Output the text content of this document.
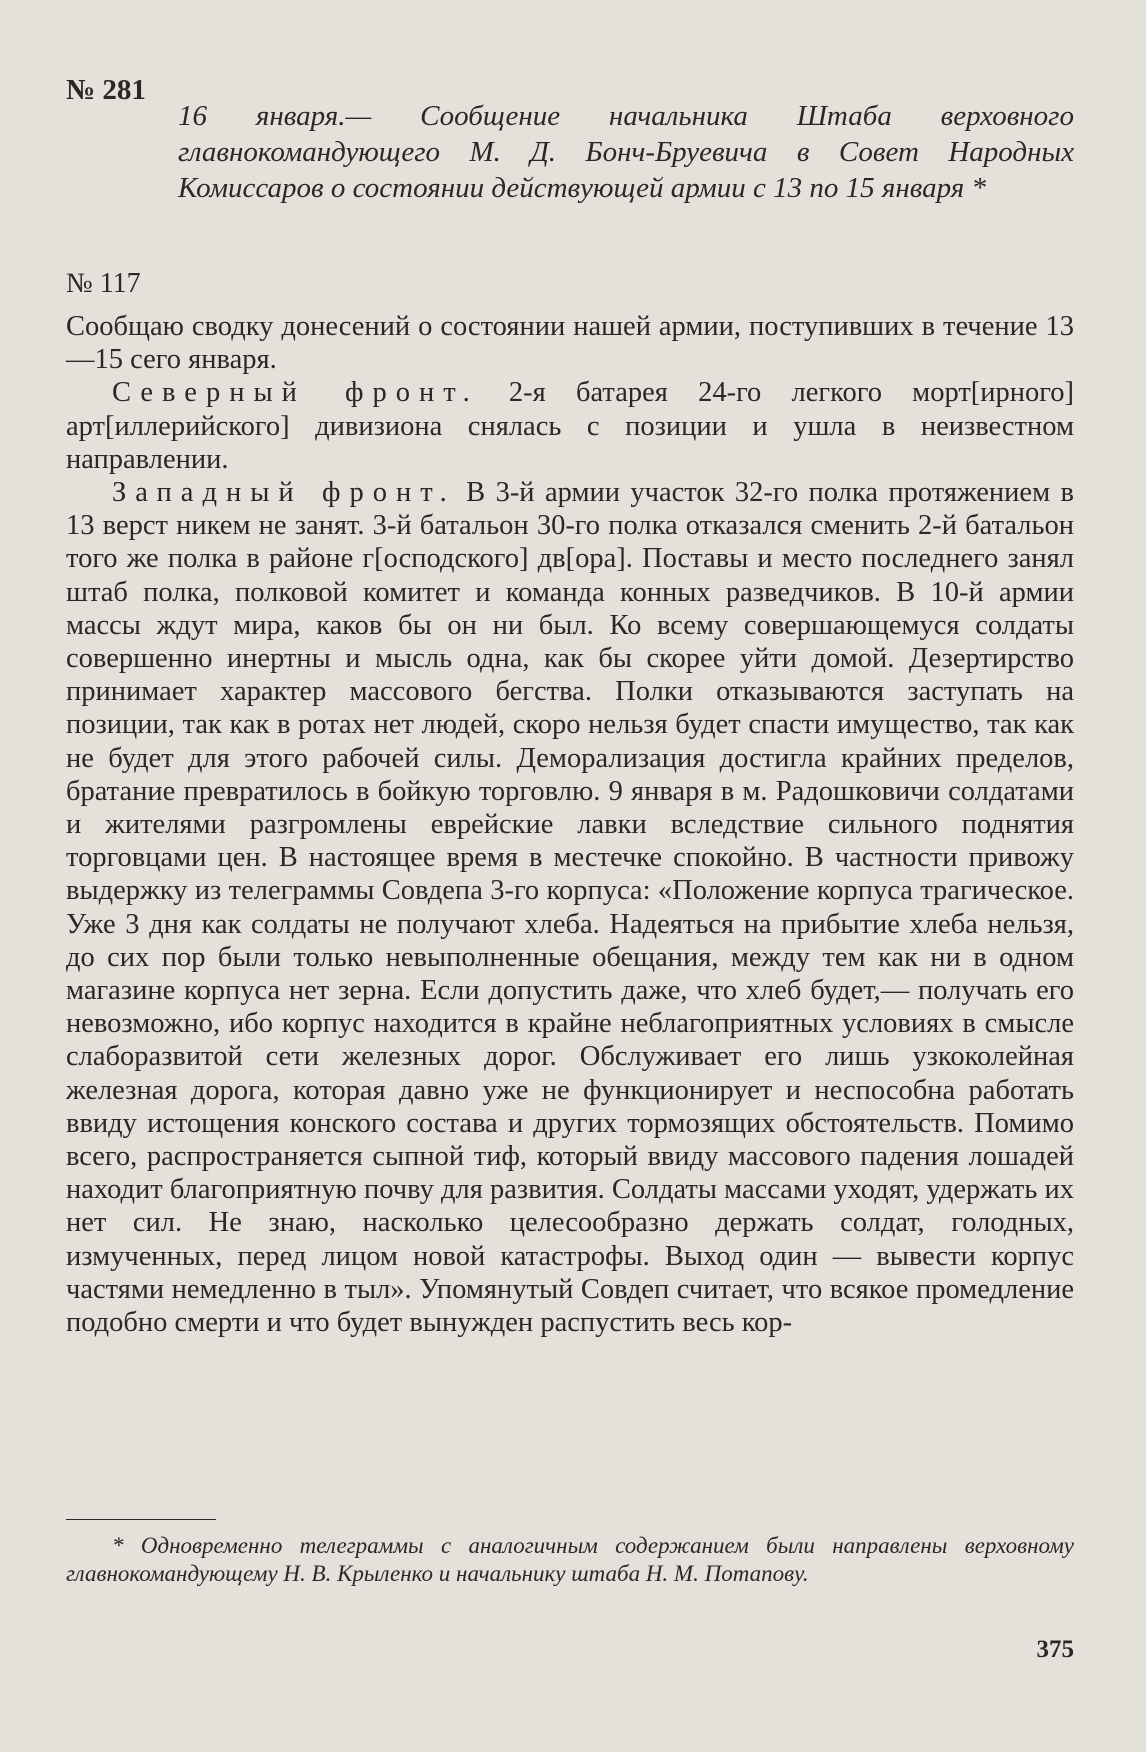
№ 281
16 января.— Сообщение начальника Штаба верховного главнокомандующего М. Д. Бонч-Бруевича в Совет Народных Комиссаров о состоянии действующей армии с 13 по 15 января *
№ 117

Сообщаю сводку донесений о состоянии нашей армии, поступивших в течение 13—15 сего января.

Северный фронт. 2-я батарея 24-го легкого морт[ирного] арт[иллерийского] дивизиона снялась с позиции и ушла в неизвестном направлении.

Западный фронт. В 3-й армии участок 32-го полка протяжением в 13 верст никем не занят. 3-й батальон 30-го полка отказался сменить 2-й батальон того же полка в районе г[осподского] дв[ора]. Поставы и место последнего занял штаб полка, полковой комитет и команда конных разведчиков. В 10-й армии массы ждут мира, каков бы он ни был. Ко всему совершающемуся солдаты совершенно инертны и мысль одна, как бы скорее уйти домой. Дезертирство принимает характер массового бегства. Полки отказываются заступать на позиции, так как в ротах нет людей, скоро нельзя будет спасти имущество, так как не будет для этого рабочей силы. Деморализация достигла крайних пределов, братание превратилось в бойкую торговлю. 9 января в м. Радошковичи солдатами и жителями разгромлены еврейские лавки вследствие сильного поднятия торговцами цен. В настоящее время в местечке спокойно. В частности привожу выдержку из телеграммы Совдепа 3-го корпуса: «Положение корпуса трагическое. Уже 3 дня как солдаты не получают хлеба. Надеяться на прибытие хлеба нельзя, до сих пор были только невыполненные обещания, между тем как ни в одном магазине корпуса нет зерна. Если допустить даже, что хлеб будет,— получать его невозможно, ибо корпус находится в крайне неблагоприятных условиях в смысле слаборазвитой сети железных дорог. Обслуживает его лишь узкоколейная железная дорога, которая давно уже не функционирует и неспособна работать ввиду истощения конского состава и других тормозящих обстоятельств. Помимо всего, распространяется сыпной тиф, который ввиду массового падения лошадей находит благоприятную почву для развития. Солдаты массами уходят, удержать их нет сил. Не знаю, насколько целесообразно держать солдат, голодных, измученных, перед лицом новой катастрофы. Выход один — вывести корпус частями немедленно в тыл». Упомянутый Совдеп считает, что всякое промедление подобно смерти и что будет вынужден распустить весь кор-

* Одновременно телеграммы с аналогичным содержанием были направлены верховному главнокомандующему Н. В. Крыленко и начальнику штаба Н. М. Потапову.
375
